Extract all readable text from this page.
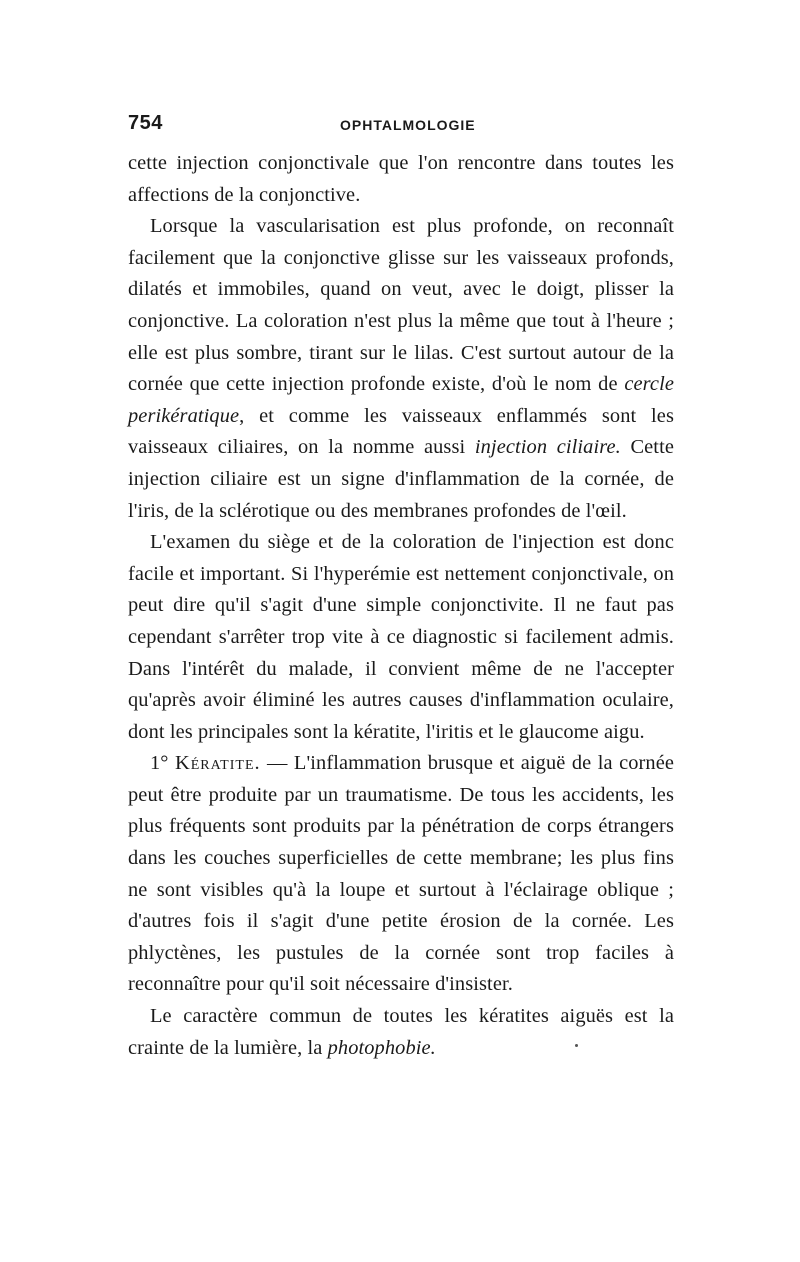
754	OPHTALMOLOGIE

cette injection conjonctivale que l'on rencontre dans toutes les affections de la conjonctive.

Lorsque la vascularisation est plus profonde, on reconnaît facilement que la conjonctive glisse sur les vaisseaux profonds, dilatés et immobiles, quand on veut, avec le doigt, plisser la conjonctive. La coloration n'est plus la même que tout à l'heure ; elle est plus sombre, tirant sur le lilas. C'est surtout autour de la cornée que cette injection profonde existe, d'où le nom de cercle perikératique, et comme les vaisseaux enflammés sont les vaisseaux ciliaires, on la nomme aussi injection ciliaire. Cette injection ciliaire est un signe d'inflammation de la cornée, de l'iris, de la sclérotique ou des membranes profondes de l'œil.

L'examen du siège et de la coloration de l'injection est donc facile et important. Si l'hyperémie est nettement conjonctivale, on peut dire qu'il s'agit d'une simple conjonctivite. Il ne faut pas cependant s'arrêter trop vite à ce diagnostic si facilement admis. Dans l'intérêt du malade, il convient même de ne l'accepter qu'après avoir éliminé les autres causes d'inflammation oculaire, dont les principales sont la kératite, l'iritis et le glaucome aigu.

1° Kératite. — L'inflammation brusque et aiguë de la cornée peut être produite par un traumatisme. De tous les accidents, les plus fréquents sont produits par la pénétration de corps étrangers dans les couches superficielles de cette membrane; les plus fins ne sont visibles qu'à la loupe et surtout à l'éclairage oblique ; d'autres fois il s'agit d'une petite érosion de la cornée. Les phlyctènes, les pustules de la cornée sont trop faciles à reconnaître pour qu'il soit nécessaire d'insister.

Le caractère commun de toutes les kératites aiguës est la crainte de la lumière, la photophobie.
